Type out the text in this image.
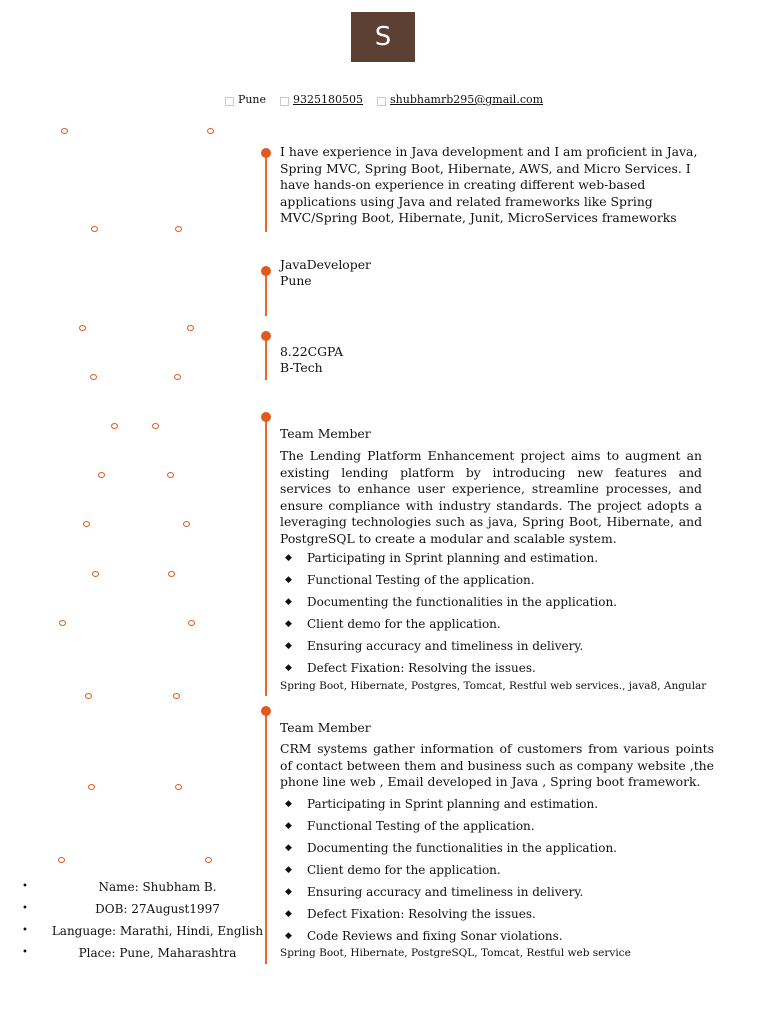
S
Pune 9325180505 shubhamrb295@gmail.com
I have experience in Java development and I am proficient in Java, Spring MVC, Spring Boot, Hibernate, AWS, and Micro Services. I have hands-on experience in creating different web-based applications using Java and related frameworks like Spring MVC/Spring Boot, Hibernate, Junit, MicroServices frameworks
JavaDeveloper
Pune
8.22CGPA
B-Tech
Team Member
The Lending Platform Enhancement project aims to augment an existing lending platform by introducing new features and services to enhance user experience, streamline processes, and ensure compliance with industry standards. The project adopts a leveraging technologies such as java, Spring Boot, Hibernate, and PostgreSQL to create a modular and scalable system.
◆ Participating in Sprint planning and estimation.
◆ Functional Testing of the application.
◆ Documenting the functionalities in the application.
◆ Client demo for the application.
◆ Ensuring accuracy and timeliness in delivery.
◆ Defect Fixation: Resolving the issues.
Spring Boot, Hibernate, Postgres, Tomcat, Restful web services., java8, Angular
Team Member
CRM systems gather information of customers from various points of contact between them and business such as company website ,the phone line web , Email developed in Java , Spring boot framework.
◆ Participating in Sprint planning and estimation.
◆ Functional Testing of the application.
◆ Documenting the functionalities in the application.
◆ Client demo for the application.
◆ Ensuring accuracy and timeliness in delivery.
◆ Defect Fixation: Resolving the issues.
◆ Code Reviews and fixing Sonar violations.
Spring Boot, Hibernate, PostgreSQL, Tomcat, Restful web service
•	Name: Shubham B.
•	DOB: 27August1997
• Language: Marathi, Hindi, English
•	Place: Pune, Maharashtra
